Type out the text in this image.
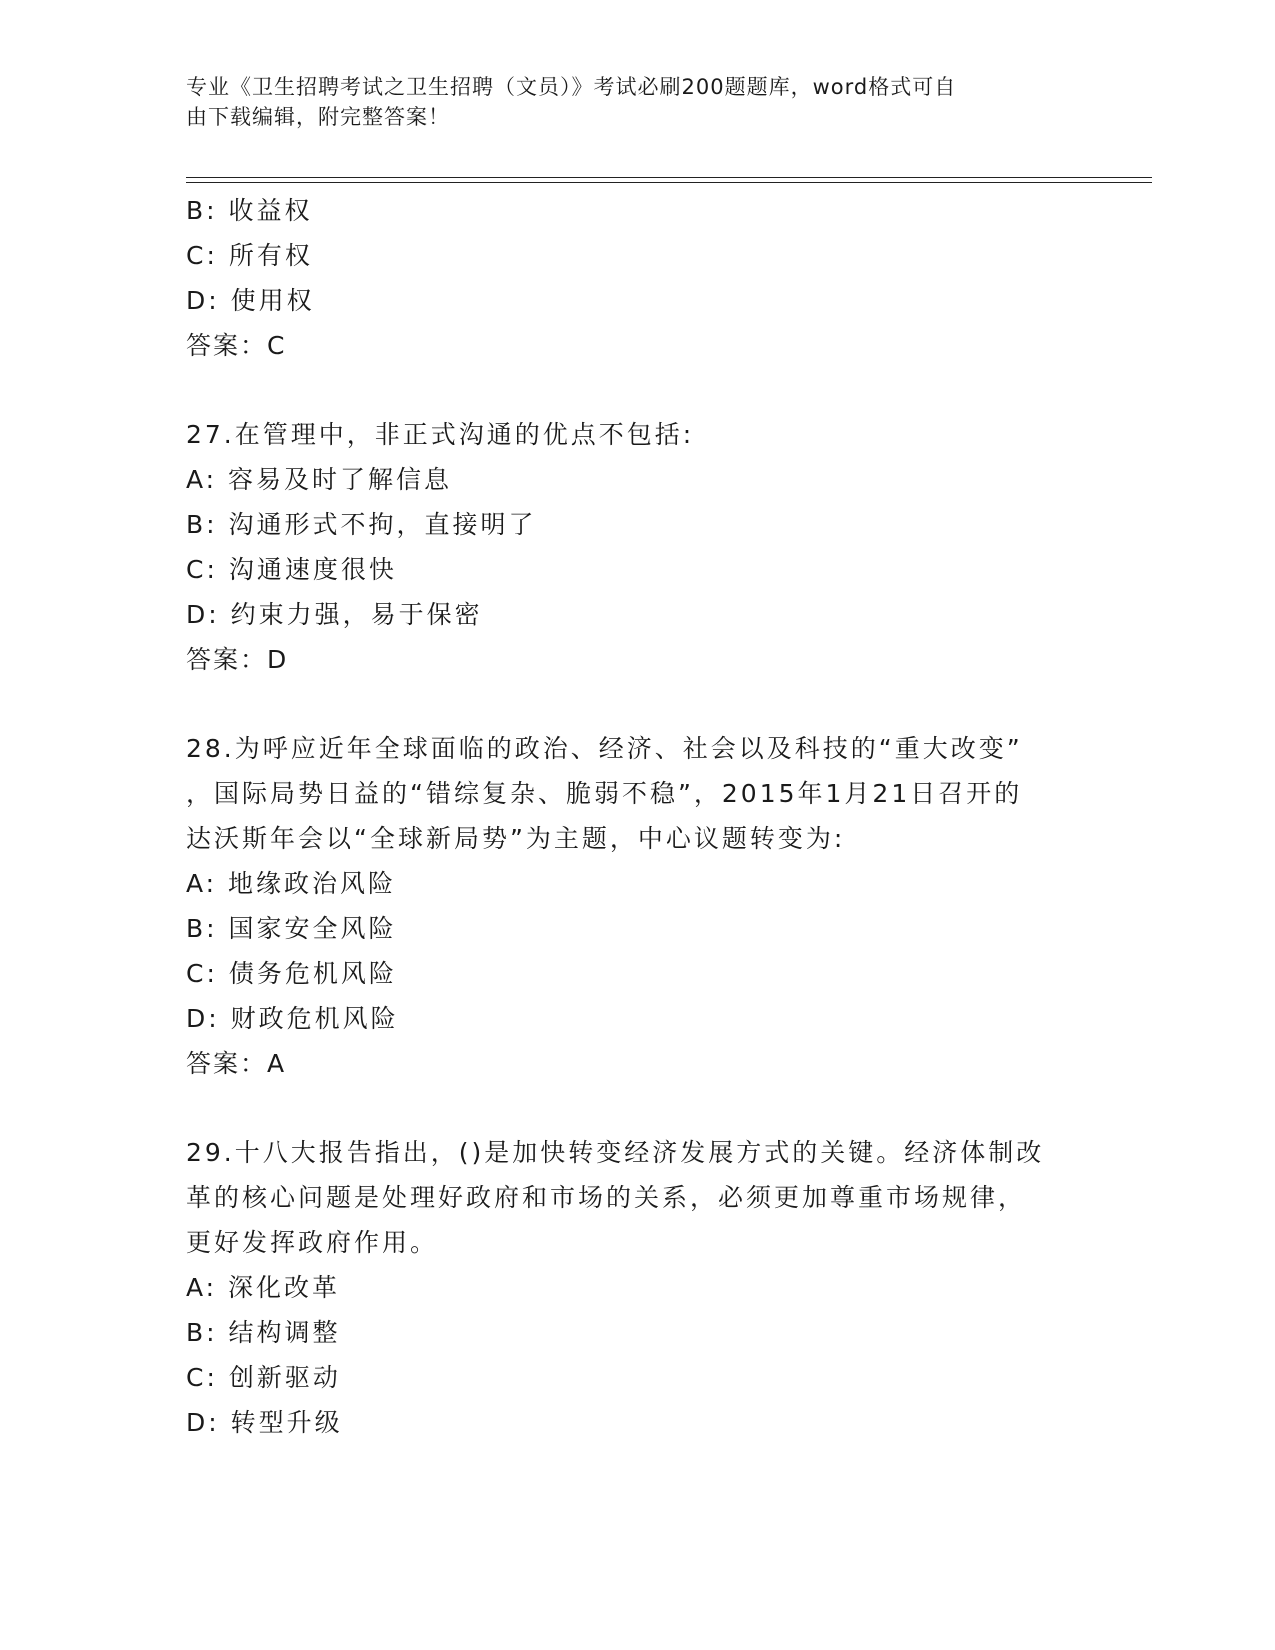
专业《卫生招聘考试之卫生招聘（文员）》考试必刷200题题库，word格式可自
由下载编辑，附完整答案！
B: 收益权
C: 所有权
D: 使用权
答案：C
27.在管理中，非正式沟通的优点不包括:
A: 容易及时了解信息
B: 沟通形式不拘，直接明了
C: 沟通速度很快
D: 约束力强，易于保密
答案：D
28.为呼应近年全球面临的政治、经济、社会以及科技的“重大改变”
，国际局势日益的“错综复杂、脆弱不稳”，2015年1月21日召开的
达沃斯年会以“全球新局势”为主题，中心议题转变为:
A: 地缘政治风险
B: 国家安全风险
C: 债务危机风险
D: 财政危机风险
答案：A
29.十八大报告指出，()是加快转变经济发展方式的关键。经济体制改
革的核心问题是处理好政府和市场的关系，必须更加尊重市场规律，
更好发挥政府作用。
A: 深化改革
B: 结构调整
C: 创新驱动
D: 转型升级
